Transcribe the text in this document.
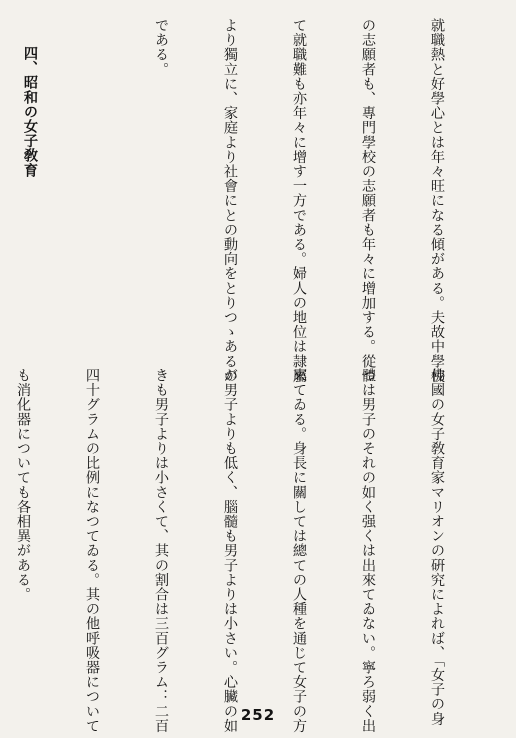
就職熱と好學心とは年々旺になる傾がある。夫故中學校

の志願者も、專門學校の志願者も年々に增加する。從つ

て就職難も亦年々に增す一方である。婦人の地位は隷屬

より獨立に、家庭より社會にとの動向をとりつゝあるの

である。

四、昭和の女子敎育

佛國の女子敎育家マリオンの硏究によれば、「女子の身

體は男子のそれの如く强くは出來てゐない。寧ろ弱く出

來てゐる。身長に關しては總ての人種を通じて女子の方

が男子よりも低く、腦髓も男子よりは小さい。心臟の如

きも男子よりは小さくて、其の割合は三百グラム：二百

四十グラムの比例になつてゐる。其の他呼吸器について

も消化器についても各相異がある。

252
